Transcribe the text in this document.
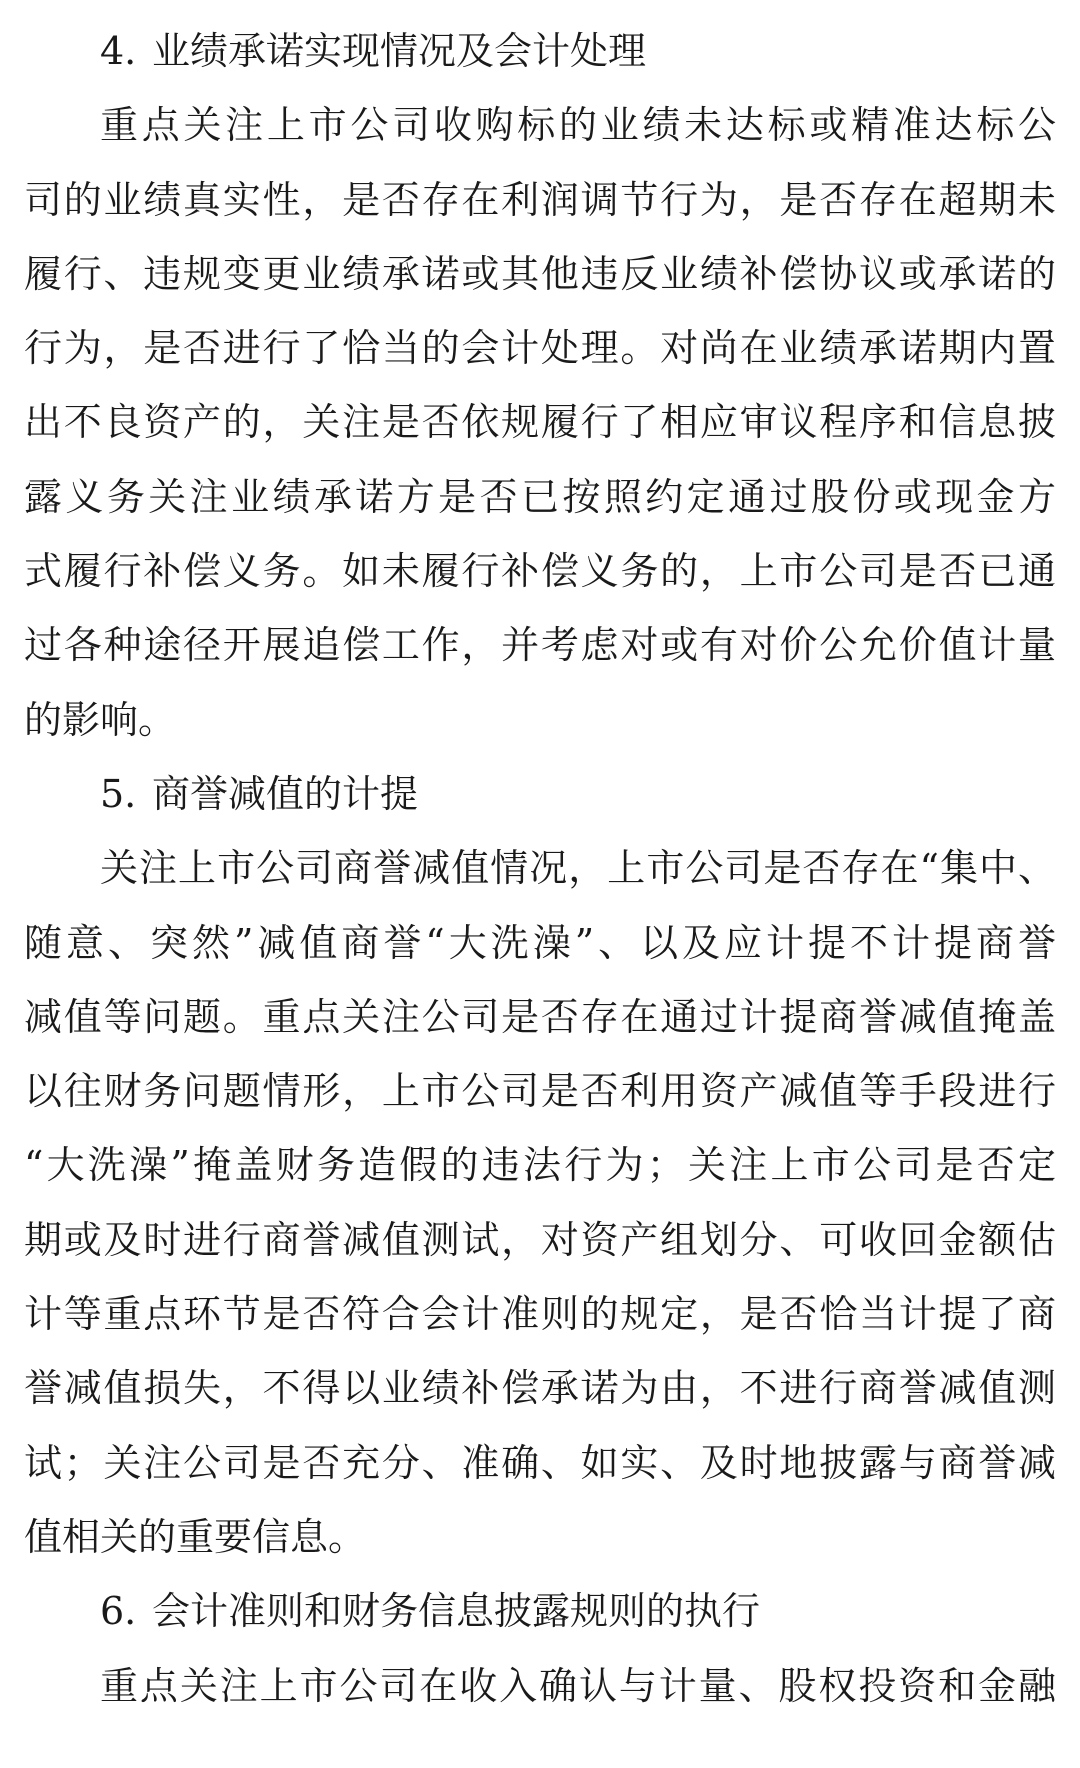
4. 业绩承诺实现情况及会计处理
重点关注上市公司收购标的业绩未达标或精准达标公
司的业绩真实性，是否存在利润调节行为，是否存在超期未
履行、违规变更业绩承诺或其他违反业绩补偿协议或承诺的
行为，是否进行了恰当的会计处理。对尚在业绩承诺期内置
出不良资产的，关注是否依规履行了相应审议程序和信息披
露义务关注业绩承诺方是否已按照约定通过股份或现金方
式履行补偿义务。如未履行补偿义务的，上市公司是否已通
过各种途径开展追偿工作，并考虑对或有对价公允价值计量
的影响。
5. 商誉减值的计提
关注上市公司商誉减值情况，上市公司是否存在“集中、
随意、突然”减值商誉“大洗澡”、以及应计提不计提商誉
减值等问题。重点关注公司是否存在通过计提商誉减值掩盖
以往财务问题情形，上市公司是否利用资产减值等手段进行
“大洗澡”掩盖财务造假的违法行为；关注上市公司是否定
期或及时进行商誉减值测试，对资产组划分、可收回金额估
计等重点环节是否符合会计准则的规定，是否恰当计提了商
誉减值损失，不得以业绩补偿承诺为由，不进行商誉减值测
试；关注公司是否充分、准确、如实、及时地披露与商誉减
值相关的重要信息。
6. 会计准则和财务信息披露规则的执行
重点关注上市公司在收入确认与计量、股权投资和金融
